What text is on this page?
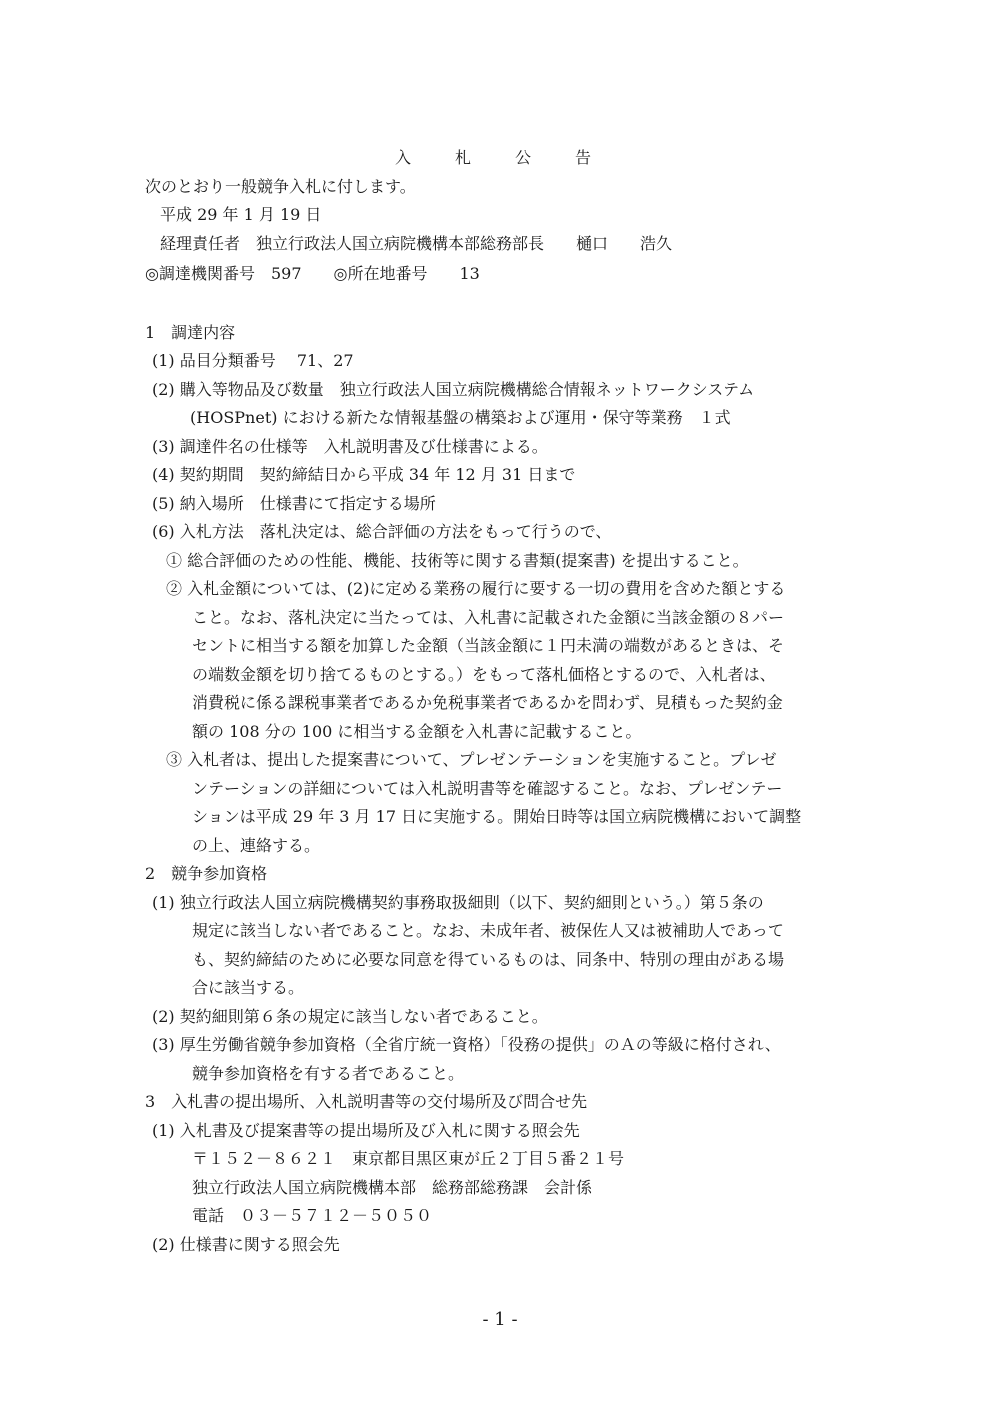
入　札　公　告
次のとおり一般競争入札に付します。
平成 29 年 1 月 19 日
経理責任者　独立行政法人国立病院機構本部総務部長　　樋口　　浩久
◎調達機関番号　597　　◎所在地番号　　13
1　調達内容
(1) 品目分類番号　 71、27
(2) 購入等物品及び数量　独立行政法人国立病院機構総合情報ネットワークシステム
(HOSPnet) における新たな情報基盤の構築および運用・保守等業務　１式
(3) 調達件名の仕様等　入札説明書及び仕様書による。
(4) 契約期間　契約締結日から平成 34 年 12 月 31 日まで
(5) 納入場所　仕様書にて指定する場所
(6) 入札方法　落札決定は、総合評価の方法をもって行うので、
① 総合評価のための性能、機能、技術等に関する書類(提案書) を提出すること。
② 入札金額については、(2)に定める業務の履行に要する一切の費用を含めた額とする
こと。なお、落札決定に当たっては、入札書に記載された金額に当該金額の８パー
セントに相当する額を加算した金額（当該金額に１円未満の端数があるときは、そ
の端数金額を切り捨てるものとする。）をもって落札価格とするので、入札者は、
消費税に係る課税事業者であるか免税事業者であるかを問わず、見積もった契約金
額の 108 分の 100 に相当する金額を入札書に記載すること。
③ 入札者は、提出した提案書について、プレゼンテーションを実施すること。プレゼ
ンテーションの詳細については入札説明書等を確認すること。なお、プレゼンテー
ションは平成 29 年 3 月 17 日に実施する。開始日時等は国立病院機構において調整
の上、連絡する。
2　競争参加資格
(1) 独立行政法人国立病院機構契約事務取扱細則（以下、契約細則という。）第５条の
規定に該当しない者であること。なお、未成年者、被保佐人又は被補助人であって
も、契約締結のために必要な同意を得ているものは、同条中、特別の理由がある場
合に該当する。
(2) 契約細則第６条の規定に該当しない者であること。
(3) 厚生労働省競争参加資格（全省庁統一資格）「役務の提供」のＡの等級に格付され、
競争参加資格を有する者であること。
3　入札書の提出場所、入札説明書等の交付場所及び問合せ先
(1) 入札書及び提案書等の提出場所及び入札に関する照会先
〒１５２－８６２１　東京都目黒区東が丘２丁目５番２１号
独立行政法人国立病院機構本部　総務部総務課　会計係
電話　０３－５７１２－５０５０
(2) 仕様書に関する照会先
- 1 -
